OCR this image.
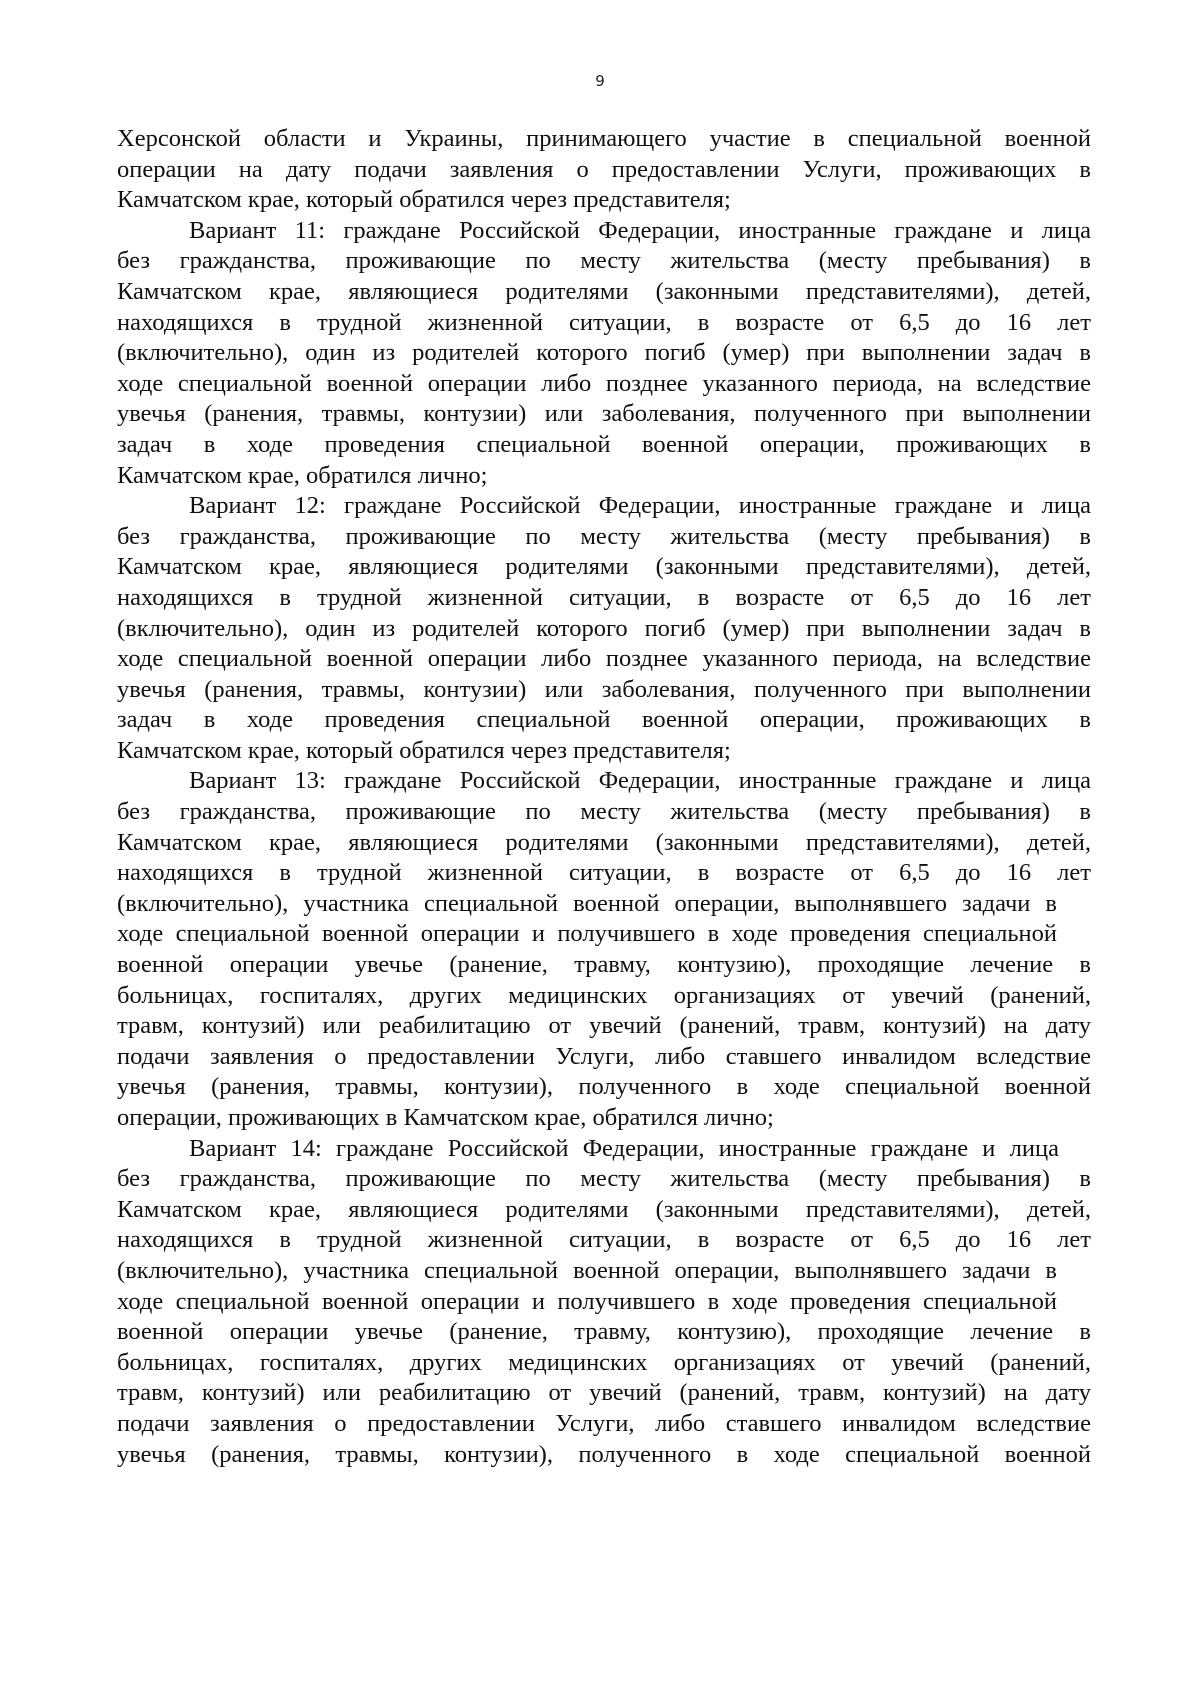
9

Херсонской области и Украины, принимающего участие в специальной военной
операции на дату подачи заявления о предоставлении Услуги, проживающих в
Камчатском крае, который обратился через представителя;
Вариант 11: граждане Российской Федерации, иностранные граждане и лица
без гражданства, проживающие по месту жительства (месту пребывания) в
Камчатском крае, являющиеся родителями (законными представителями), детей,
находящихся в трудной жизненной ситуации, в возрасте от 6,5 до 16 лет
(включительно), один из родителей которого погиб (умер) при выполнении задач в
ходе специальной военной операции либо позднее указанного периода, на вследствие
увечья (ранения, травмы, контузии) или заболевания, полученного при выполнении
задач в ходе проведения специальной военной операции, проживающих в
Камчатском крае, обратился лично;
Вариант 12: граждане Российской Федерации, иностранные граждане и лица
без гражданства, проживающие по месту жительства (месту пребывания) в
Камчатском крае, являющиеся родителями (законными представителями), детей,
находящихся в трудной жизненной ситуации, в возрасте от 6,5 до 16 лет
(включительно), один из родителей которого погиб (умер) при выполнении задач в
ходе специальной военной операции либо позднее указанного периода, на вследствие
увечья (ранения, травмы, контузии) или заболевания, полученного при выполнении
задач в ходе проведения специальной военной операции, проживающих в
Камчатском крае, который обратился через представителя;
Вариант 13: граждане Российской Федерации, иностранные граждане и лица
без гражданства, проживающие по месту жительства (месту пребывания) в
Камчатском крае, являющиеся родителями (законными представителями), детей,
находящихся в трудной жизненной ситуации, в возрасте от 6,5 до 16 лет
(включительно), участника специальной военной операции, выполнявшего задачи в
ходе специальной военной операции и получившего в ходе проведения специальной
военной операции увечье (ранение, травму, контузию), проходящие лечение в
больницах, госпиталях, других медицинских организациях от увечий (ранений,
травм, контузий) или реабилитацию от увечий (ранений, травм, контузий) на дату
подачи заявления о предоставлении Услуги, либо ставшего инвалидом вследствие
увечья (ранения, травмы, контузии), полученного в ходе специальной военной
операции, проживающих в Камчатском крае, обратился лично;
Вариант 14: граждане Российской Федерации, иностранные граждане и лица
без гражданства, проживающие по месту жительства (месту пребывания) в
Камчатском крае, являющиеся родителями (законными представителями), детей,
находящихся в трудной жизненной ситуации, в возрасте от 6,5 до 16 лет
(включительно), участника специальной военной операции, выполнявшего задачи в
ходе специальной военной операции и получившего в ходе проведения специальной
военной операции увечье (ранение, травму, контузию), проходящие лечение в
больницах, госпиталях, других медицинских организациях от увечий (ранений,
травм, контузий) или реабилитацию от увечий (ранений, травм, контузий) на дату
подачи заявления о предоставлении Услуги, либо ставшего инвалидом вследствие
увечья (ранения, травмы, контузии), полученного в ходе специальной военной
